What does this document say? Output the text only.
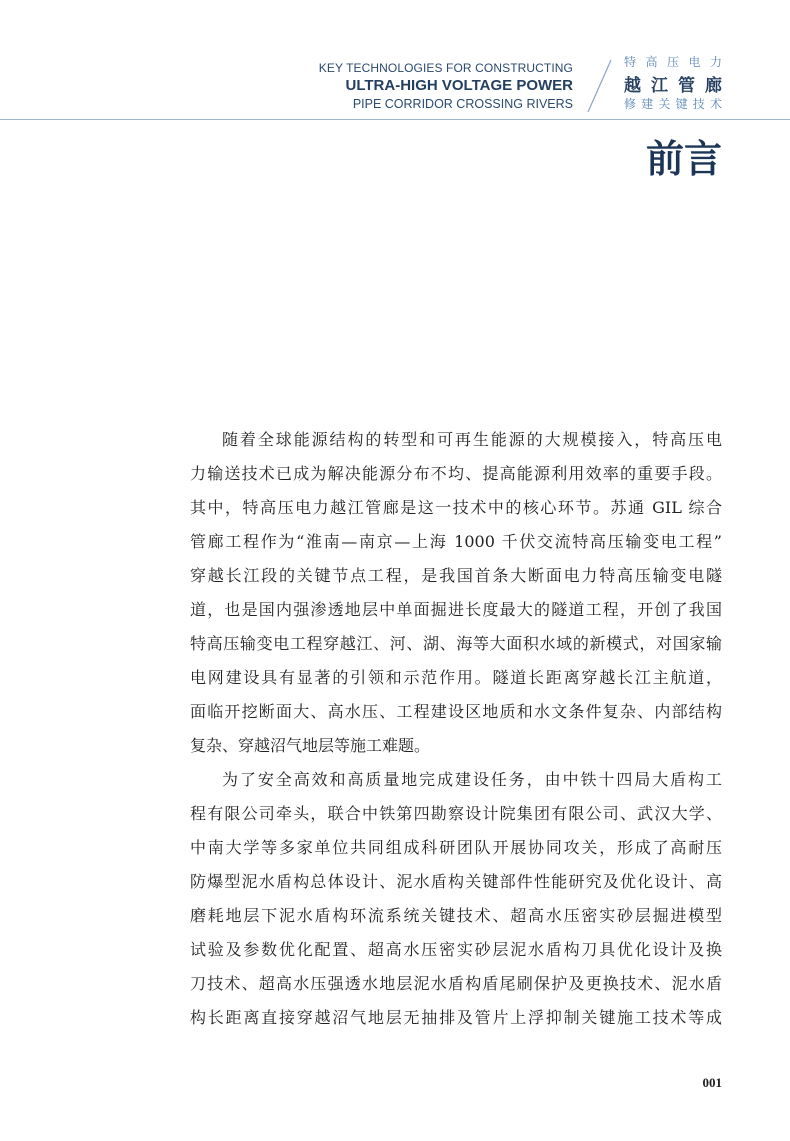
KEY TECHNOLOGIES FOR CONSTRUCTING
ULTRA-HIGH VOLTAGE POWER
PIPE CORRIDOR CROSSING RIVERS
特高压电力
越江管廊
修建关键技术
前言
随着全球能源结构的转型和可再生能源的大规模接入，特高压电
力输送技术已成为解决能源分布不均、提高能源利用效率的重要手段。
其中，特高压电力越江管廊是这一技术中的核心环节。苏通 GIL 综合
管廊工程作为“淮南—南京—上海 1000 千伏交流特高压输变电工程”
穿越长江段的关键节点工程，是我国首条大断面电力特高压输变电隧
道，也是国内强渗透地层中单面掘进长度最大的隧道工程，开创了我国
特高压输变电工程穿越江、河、湖、海等大面积水域的新模式，对国家输
电网建设具有显著的引领和示范作用。隧道长距离穿越长江主航道，
面临开挖断面大、高水压、工程建设区地质和水文条件复杂、内部结构
复杂、穿越沼气地层等施工难题。
为了安全高效和高质量地完成建设任务，由中铁十四局大盾构工
程有限公司牵头，联合中铁第四勘察设计院集团有限公司、武汉大学、
中南大学等多家单位共同组成科研团队开展协同攻关，形成了高耐压
防爆型泥水盾构总体设计、泥水盾构关键部件性能研究及优化设计、高
磨耗地层下泥水盾构环流系统关键技术、超高水压密实砂层掘进模型
试验及参数优化配置、超高水压密实砂层泥水盾构刀具优化设计及换
刀技术、超高水压强透水地层泥水盾构盾尾刷保护及更换技术、泥水盾
构长距离直接穿越沼气地层无抽排及管片上浮抑制关键施工技术等成
001
